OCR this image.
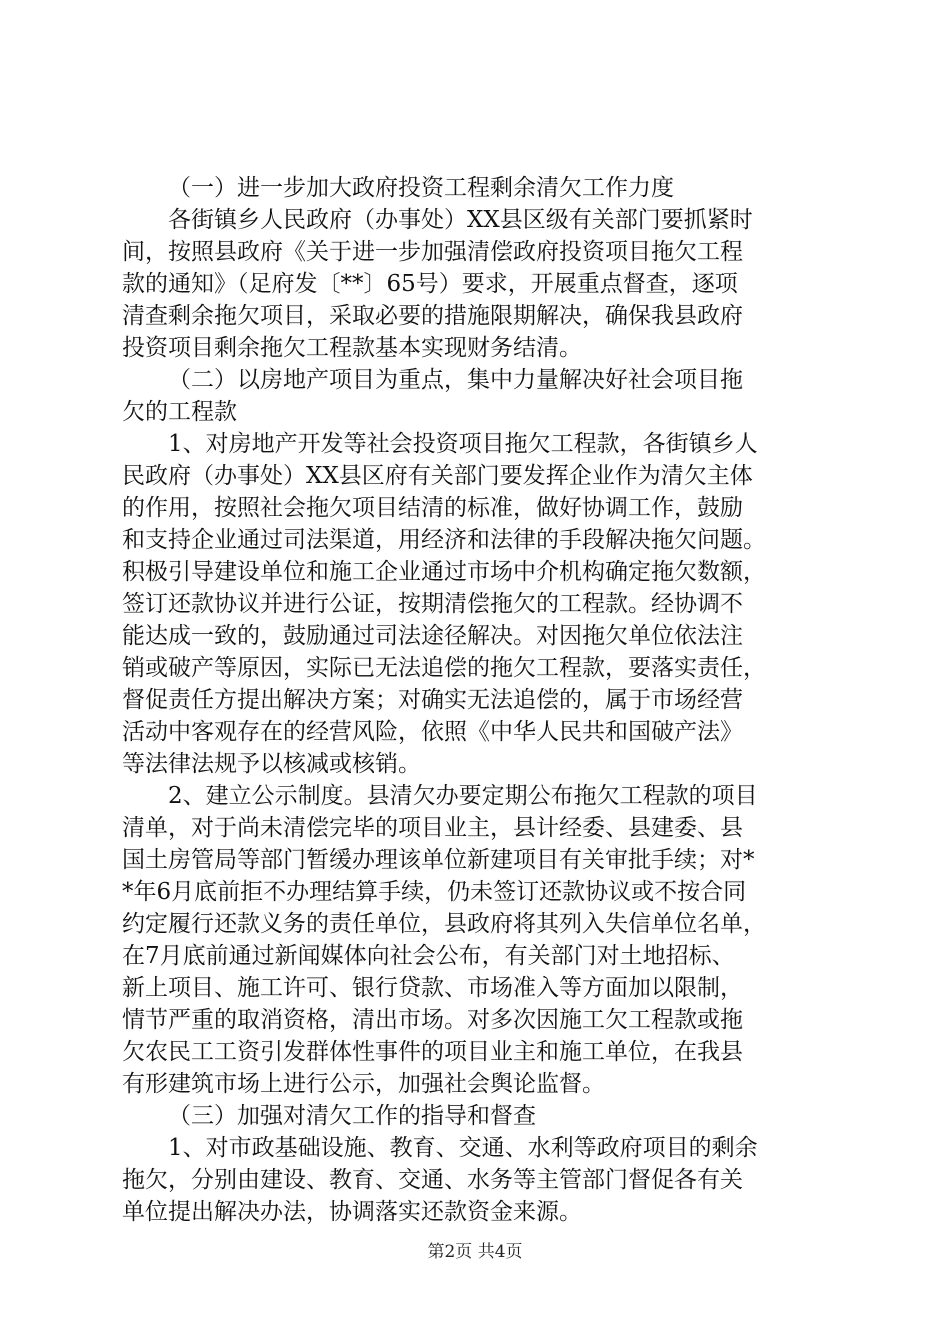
（一）进一步加大政府投资工程剩余清欠工作力度
各街镇乡人民政府（办事处）XX县区级有关部门要抓紧时
间，按照县政府《关于进一步加强清偿政府投资项目拖欠工程
款的通知》（足府发〔**〕65号）要求，开展重点督查，逐项
清查剩余拖欠项目，采取必要的措施限期解决，确保我县政府
投资项目剩余拖欠工程款基本实现财务结清。
（二）以房地产项目为重点，集中力量解决好社会项目拖
欠的工程款
1、对房地产开发等社会投资项目拖欠工程款，各街镇乡人
民政府（办事处）XX县区府有关部门要发挥企业作为清欠主体
的作用，按照社会拖欠项目结清的标准，做好协调工作，鼓励
和支持企业通过司法渠道，用经济和法律的手段解决拖欠问题。
积极引导建设单位和施工企业通过市场中介机构确定拖欠数额，
签订还款协议并进行公证，按期清偿拖欠的工程款。经协调不
能达成一致的，鼓励通过司法途径解决。对因拖欠单位依法注
销或破产等原因，实际已无法追偿的拖欠工程款，要落实责任，
督促责任方提出解决方案；对确实无法追偿的，属于市场经营
活动中客观存在的经营风险，依照《中华人民共和国破产法》
等法律法规予以核减或核销。
2、建立公示制度。县清欠办要定期公布拖欠工程款的项目
清单，对于尚未清偿完毕的项目业主，县计经委、县建委、县
国土房管局等部门暂缓办理该单位新建项目有关审批手续；对*
*年6月底前拒不办理结算手续，仍未签订还款协议或不按合同
约定履行还款义务的责任单位，县政府将其列入失信单位名单，
在7月底前通过新闻媒体向社会公布，有关部门对土地招标、
新上项目、施工许可、银行贷款、市场准入等方面加以限制，
情节严重的取消资格，清出市场。对多次因施工欠工程款或拖
欠农民工工资引发群体性事件的项目业主和施工单位，在我县
有形建筑市场上进行公示，加强社会舆论监督。
（三）加强对清欠工作的指导和督查
1、对市政基础设施、教育、交通、水利等政府项目的剩余
拖欠，分别由建设、教育、交通、水务等主管部门督促各有关
单位提出解决办法，协调落实还款资金来源。
第2页 共4页
